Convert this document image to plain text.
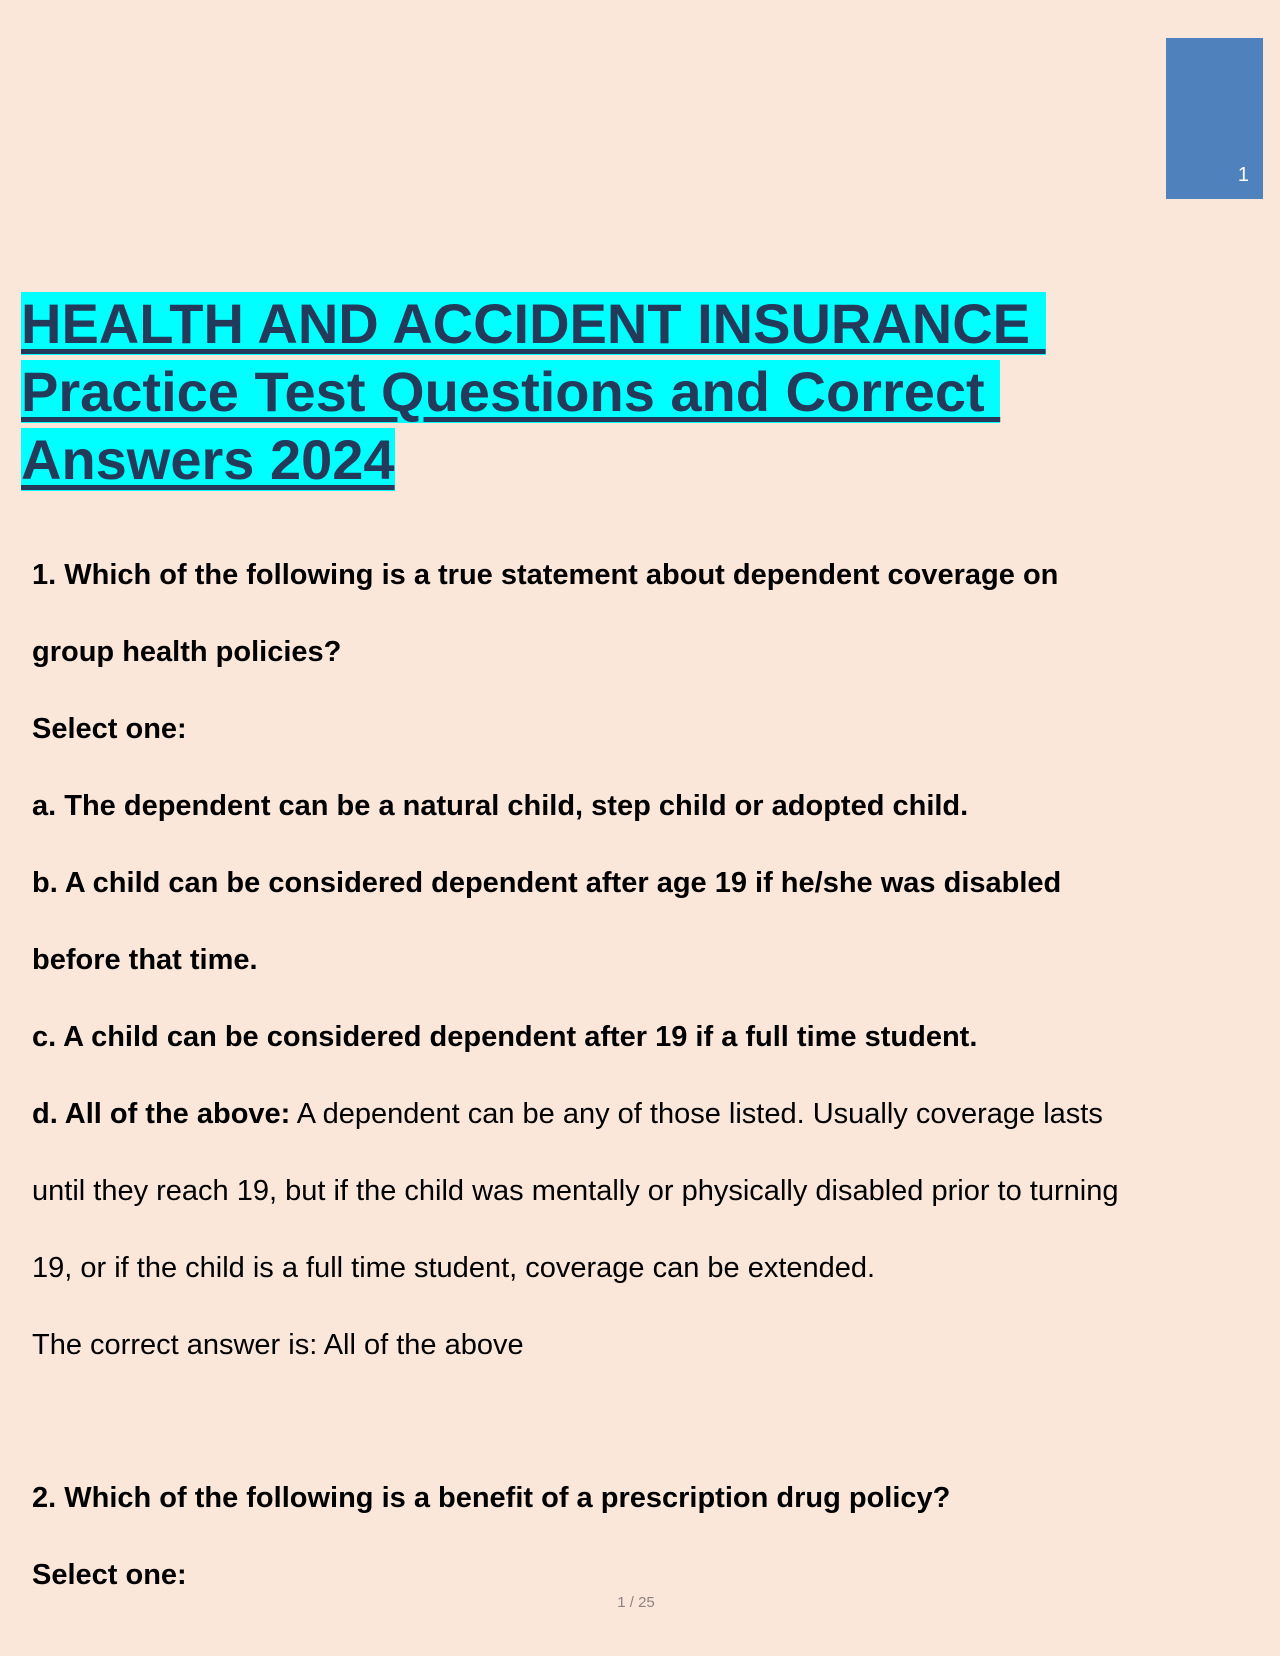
1
HEALTH AND ACCIDENT INSURANCE
Practice Test Questions and Correct
Answers 2024
1. Which of the following is a true statement about dependent coverage on
group health policies?
Select one:
a. The dependent can be a natural child, step child or adopted child.
b. A child can be considered dependent after age 19 if he/she was disabled
before that time.
c. A child can be considered dependent after 19 if a full time student.
d. All of the above: A dependent can be any of those listed. Usually coverage lasts
until they reach 19, but if the child was mentally or physically disabled prior to turning
19, or if the child is a full time student, coverage can be extended.
The correct answer is: All of the above
2. Which of the following is a benefit of a prescription drug policy?
Select one:
1 / 25
